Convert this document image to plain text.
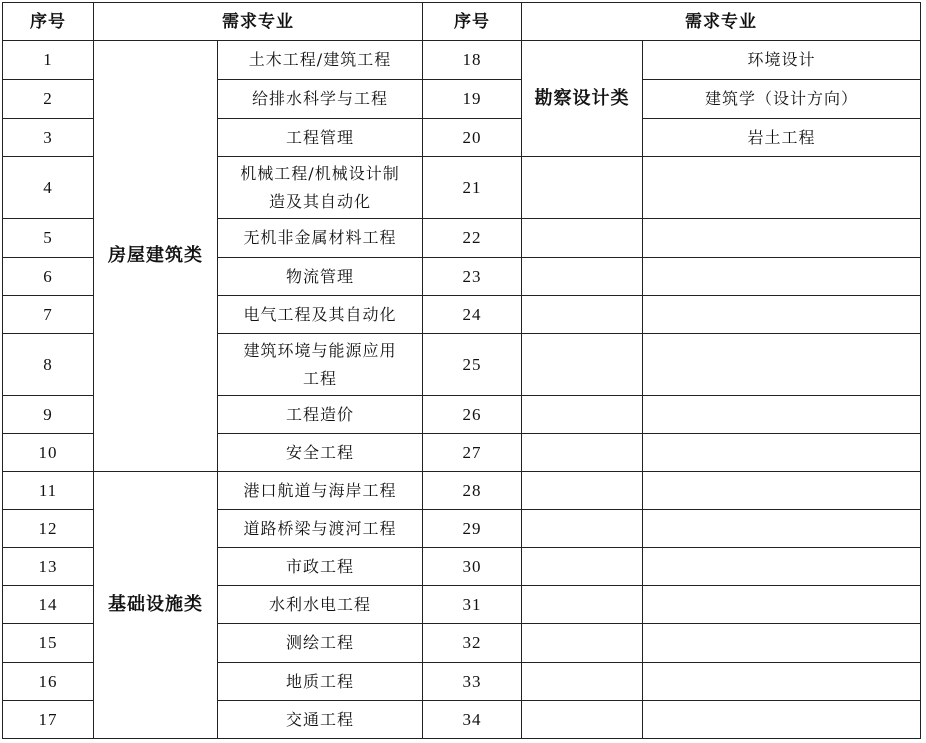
序号	需求专业		序号	需求专业	
1	房屋建筑类	土木工程/建筑工程	18	勘察设计类	环境设计
2		给排水科学与工程	19		建筑学（设计方向）
3		工程管理	20		岩土工程
4		机械工程/机械设计制
造及其自动化	21		
5		无机非金属材料工程	22		
6		物流管理	23		
7		电气工程及其自动化	24		
8		建筑环境与能源应用
工程	25		
9		工程造价	26		
10		安全工程	27		
11	基础设施类	港口航道与海岸工程	28		
12		道路桥梁与渡河工程	29		
13		市政工程	30		
14		水利水电工程	31		
15		测绘工程	32		
16		地质工程	33		
17		交通工程	34		
